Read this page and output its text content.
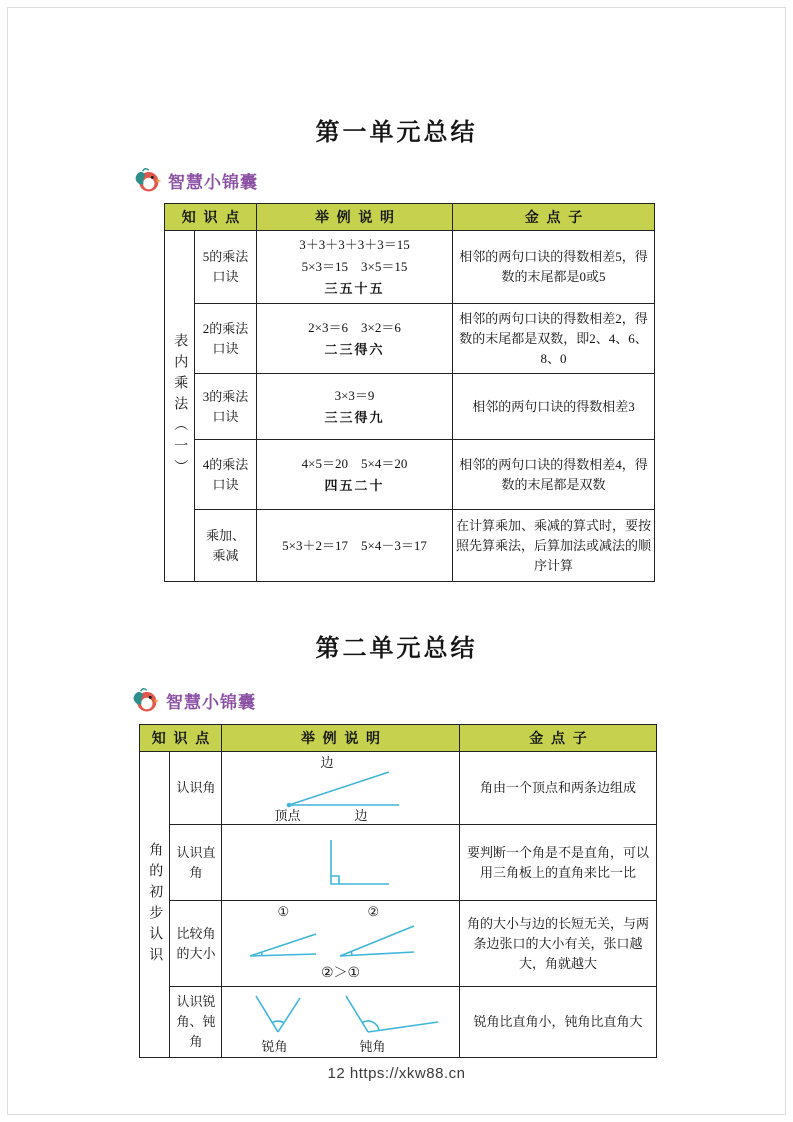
第一单元总结
智慧小锦囊
知识点		举例说明	金点子

表内乘法（一）	5的乘法口诀	3＋3＋3＋3＋3＝15
5×3＝15　3×5＝15
三五十五	相邻的两句口诀的得数相差5，得数的末尾都是0或5

	2的乘法口诀	2×3＝6　3×2＝6
二三得六	相邻的两句口诀的得数相差2，得数的末尾都是双数，即2、4、6、8、0

	3的乘法口诀	3×3＝9
三三得九	相邻的两句口诀的得数相差3

	4的乘法口诀	4×5＝20　5×4＝20
四五二十	相邻的两句口诀的得数相差4，得数的末尾都是双数

	乘加、乘减	5×3＋2＝17　5×4－3＝17	在计算乘加、乘减的算式时，要按照先算乘法，后算加法或减法的顺序计算
第二单元总结
智慧小锦囊
知识点		举例说明	金点子

角的初步认识	认识角	边
顶点 边	角由一个顶点和两条边组成

	认识直角		要判断一个角是不是直角，可以用三角板上的直角来比一比

	比较角的大小	① ②
②＞①	角的大小与边的长短无关，与两条边张口的大小有关，张口越大，角就越大

	认识锐角、钝角	锐角 钝角	锐角比直角小，钝角比直角大
12 https://xkw88.cn
